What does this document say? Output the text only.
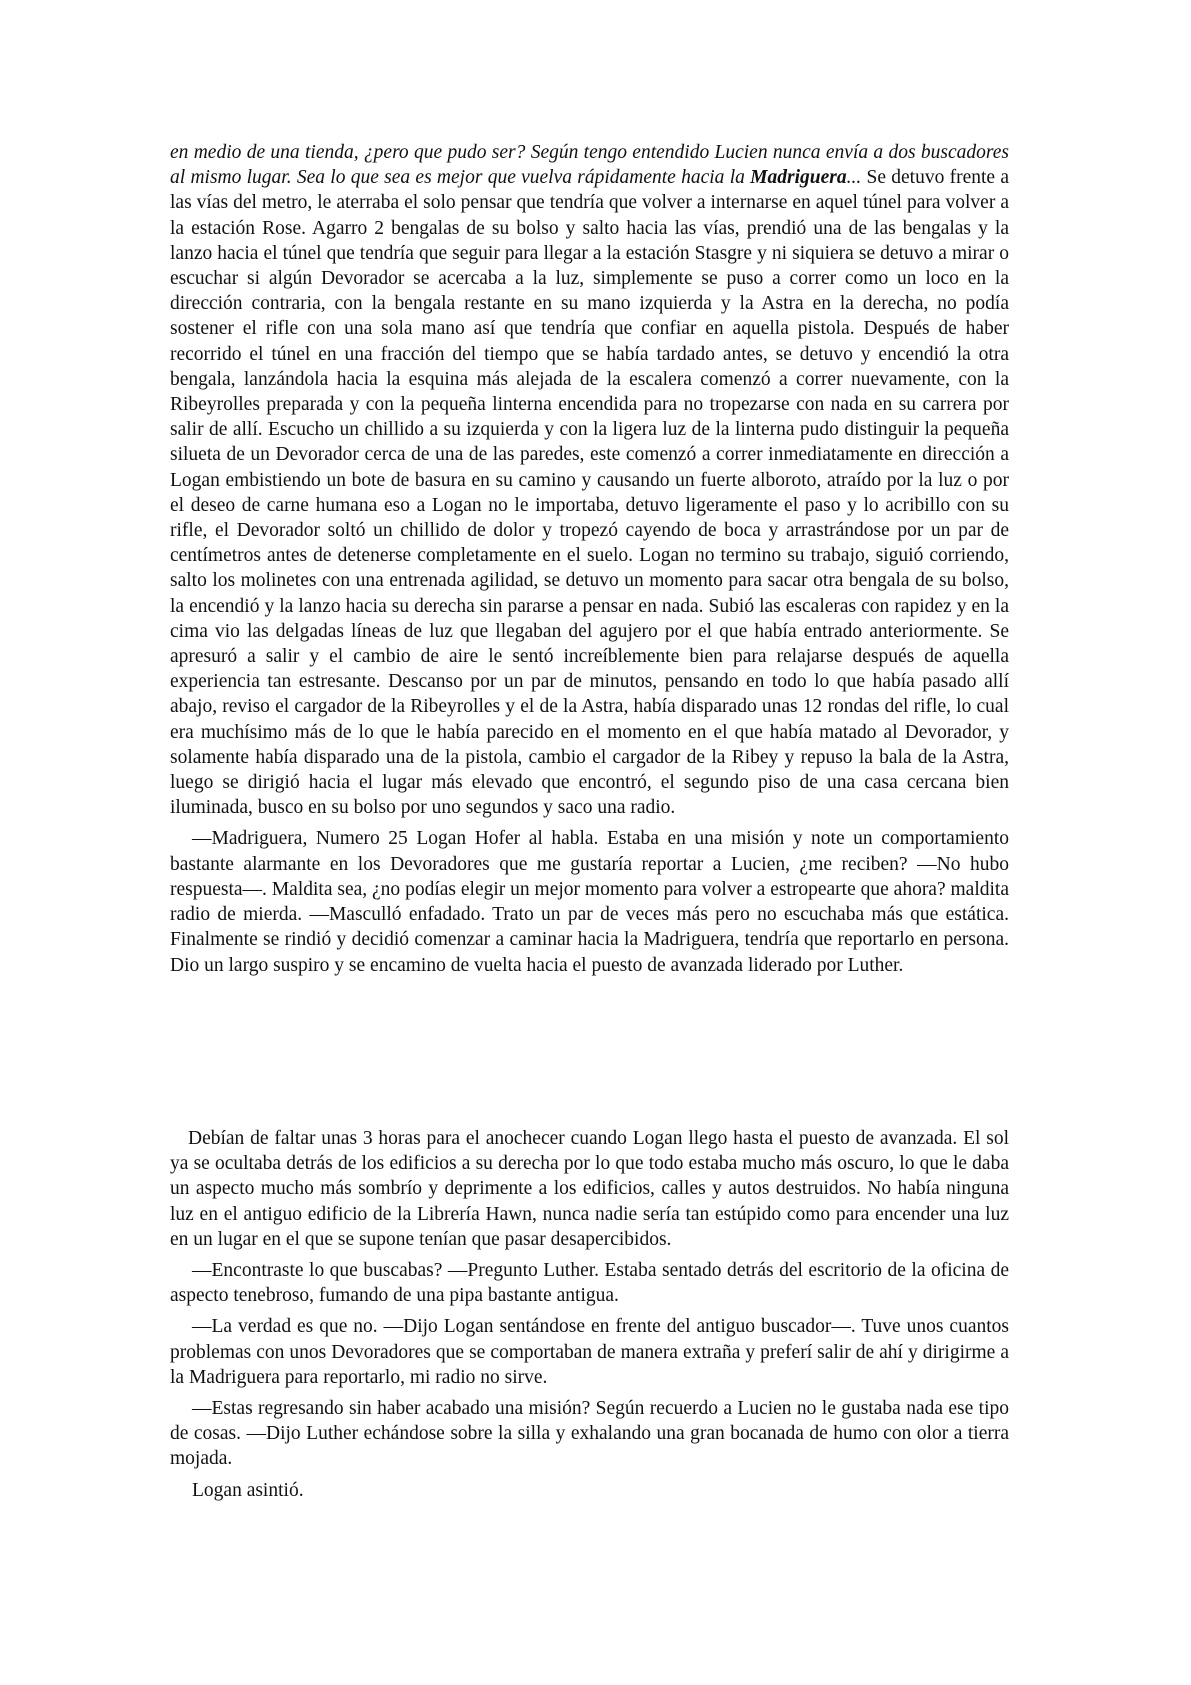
en medio de una tienda, ¿pero que pudo ser? Según tengo entendido Lucien nunca envía a dos buscadores al mismo lugar. Sea lo que sea es mejor que vuelva rápidamente hacia la Madriguera... Se detuvo frente a las vías del metro, le aterraba el solo pensar que tendría que volver a internarse en aquel túnel para volver a la estación Rose. Agarro 2 bengalas de su bolso y salto hacia las vías, prendió una de las bengalas y la lanzo hacia el túnel que tendría que seguir para llegar a la estación Stasgre y ni siquiera se detuvo a mirar o escuchar si algún Devorador se acercaba a la luz, simplemente se puso a correr como un loco en la dirección contraria, con la bengala restante en su mano izquierda y la Astra en la derecha, no podía sostener el rifle con una sola mano así que tendría que confiar en aquella pistola. Después de haber recorrido el túnel en una fracción del tiempo que se había tardado antes, se detuvo y encendió la otra bengala, lanzándola hacia la esquina más alejada de la escalera comenzó a correr nuevamente, con la Ribeyrolles preparada y con la pequeña linterna encendida para no tropezarse con nada en su carrera por salir de allí. Escucho un chillido a su izquierda y con la ligera luz de la linterna pudo distinguir la pequeña silueta de un Devorador cerca de una de las paredes, este comenzó a correr inmediatamente en dirección a Logan embistiendo un bote de basura en su camino y causando un fuerte alboroto, atraído por la luz o por el deseo de carne humana eso a Logan no le importaba, detuvo ligeramente el paso y lo acribillo con su rifle, el Devorador soltó un chillido de dolor y tropezó cayendo de boca y arrastrándose por un par de centímetros antes de detenerse completamente en el suelo. Logan no termino su trabajo, siguió corriendo, salto los molinetes con una entrenada agilidad, se detuvo un momento para sacar otra bengala de su bolso, la encendió y la lanzo hacia su derecha sin pararse a pensar en nada. Subió las escaleras con rapidez y en la cima vio las delgadas líneas de luz que llegaban del agujero por el que había entrado anteriormente. Se apresuró a salir y el cambio de aire le sentó increíblemente bien para relajarse después de aquella experiencia tan estresante. Descanso por un par de minutos, pensando en todo lo que había pasado allí abajo, reviso el cargador de la Ribeyrolles y el de la Astra, había disparado unas 12 rondas del rifle, lo cual era muchísimo más de lo que le había parecido en el momento en el que había matado al Devorador, y solamente había disparado una de la pistola, cambio el cargador de la Ribey y repuso la bala de la Astra, luego se dirigió hacia el lugar más elevado que encontró, el segundo piso de una casa cercana bien iluminada, busco en su bolso por uno segundos y saco una radio.

—Madriguera, Numero 25 Logan Hofer al habla. Estaba en una misión y note un comportamiento bastante alarmante en los Devoradores que me gustaría reportar a Lucien, ¿me reciben? —No hubo respuesta—. Maldita sea, ¿no podías elegir un mejor momento para volver a estropearte que ahora? maldita radio de mierda. —Masculló enfadado. Trato un par de veces más pero no escuchaba más que estática. Finalmente se rindió y decidió comenzar a caminar hacia la Madriguera, tendría que reportarlo en persona. Dio un largo suspiro y se encamino de vuelta hacia el puesto de avanzada liderado por Luther.

Debían de faltar unas 3 horas para el anochecer cuando Logan llego hasta el puesto de avanzada. El sol ya se ocultaba detrás de los edificios a su derecha por lo que todo estaba mucho más oscuro, lo que le daba un aspecto mucho más sombrío y deprimente a los edificios, calles y autos destruidos. No había ninguna luz en el antiguo edificio de la Librería Hawn, nunca nadie sería tan estúpido como para encender una luz en un lugar en el que se supone tenían que pasar desapercibidos.

—Encontraste lo que buscabas? —Pregunto Luther. Estaba sentado detrás del escritorio de la oficina de aspecto tenebroso, fumando de una pipa bastante antigua.

—La verdad es que no. —Dijo Logan sentándose en frente del antiguo buscador—. Tuve unos cuantos problemas con unos Devoradores que se comportaban de manera extraña y preferí salir de ahí y dirigirme a la Madriguera para reportarlo, mi radio no sirve.

—Estas regresando sin haber acabado una misión? Según recuerdo a Lucien no le gustaba nada ese tipo de cosas. —Dijo Luther echándose sobre la silla y exhalando una gran bocanada de humo con olor a tierra mojada.

Logan asintió.
